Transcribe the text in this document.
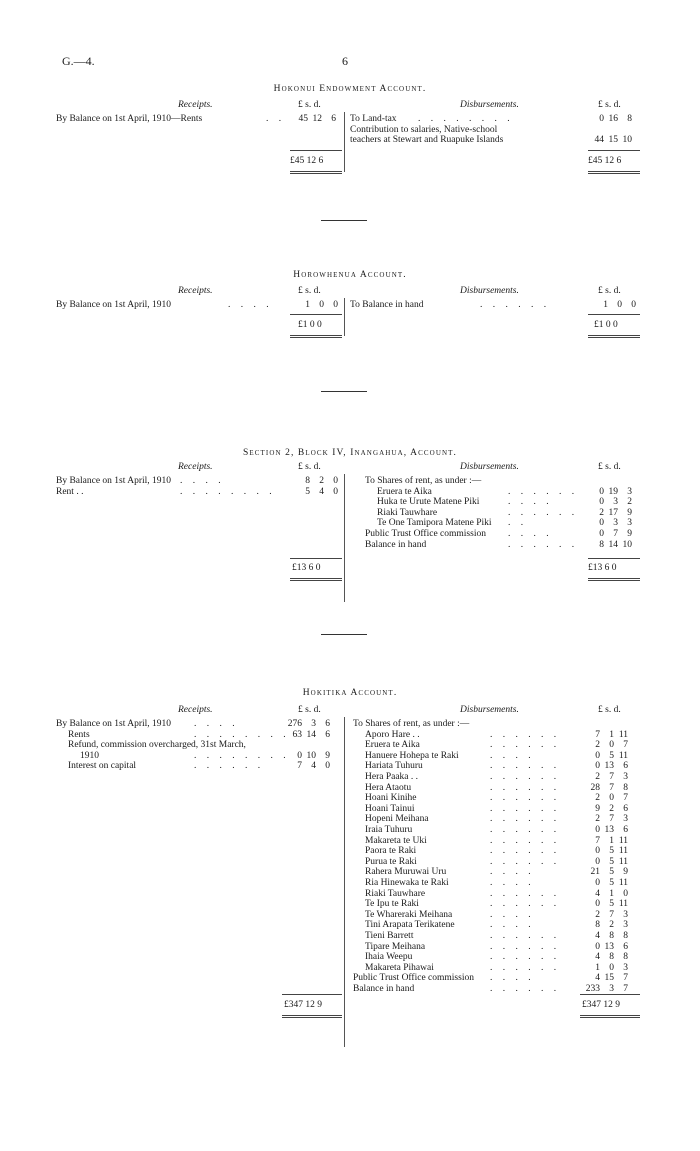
G.—4.	6
Hokonui Endowment Account.
Receipts.	£ s. d.	Disbursements.	£ s. d.
By Balance on 1st April, 1910—Rents	. .	45 12 6 To Land-tax . . . . . . . .	0 16 8
Contribution to salaries, Native-school
teachers at Stewart and Ruapuke Islands	44 15 10
£45 12 6	£45 12 6
Horowhenua Account.
Receipts.	£ s. d.	Disbursements.	£ s. d.
By Balance on 1st April, 1910	. . . .	1 0 0 To Balance in hand	. . . . . .	1 0 0
£1 0 0	£1 0 0
Section 2, Block IV, Inangahua, Account.
Receipts.	£ s. d.	Disbursements.	£ s. d.
By Balance on 1st April, 1910 . . . .	8 2 0
Rent . .	. . . . . . . .	5 4 0
To Shares of rent, as under :—
Eruera te Aika	. . . . . .	0 19 3
Huka te Urute Matene Piki	. . . .	0 3 2
Riaki Tauwhare	. . . . . .	2 17 9
Te One Tamipora Matene Piki . .	0 3 3
Public Trust Office commission . . . .	0 7 9
Balance in hand	. . . . . .	8 14 10
£13 6 0	£13 6 0
Hokitika Account.
Receipts.	£ s. d.	Disbursements.	£ s. d.
By Balance on 1st April, 1910 . . . .	276 3 6
Rents	. . . . . . . . 63 14 6
Refund, commission overcharged, 31st March,
1910	. . . . . . . . 0 10 9
Interest on capital	. . . . . .	7 4 0
To Shares of rent, as under :—
Aporo Hare . .	. . . . . .	7 1 11
Eruera te Aika	. . . . . .	2 0 7
Hanuere Hohepa te Raki	. . . .	0 5 11
Hariata Tuhuru	. . . . . .	0 13 6
Hera Paaka . .	. . . . . .	2 7 3
Hera Ataotu	. . . . . .	28 7 8
Hoani Kinihe	. . . . . .	2 0 7
Hoani Tainui	. . . . . .	9 2 6
Hopeni Meihana	. . . . . .	2 7 3
Iraia Tuhuru	. . . . . .	0 13 6
Makareta te Uki	. . . . . .	7 1 11
Paora te Raki	. . . . . .	0 5 11
Purua te Raki	. . . . . .	0 5 11
Rahera Muruwai Uru	. . . .	21 5 9
Ria Hinewaka te Raki	. . . .	0 5 11
Riaki Tauwhare	. . . . . .	4 1 0
Te Ipu te Raki	. . . . . .	0 5 11
Te Whareraki Meihana	. . . .	2 7 3
Tini Arapata Terikatene	. . . .	8 2 3
Tieni Barrett	. . . . . .	4 8 8
Tipare Meihana	. . . . . .	0 13 6
Ihaia Weepu	. . . . . .	4 8 8
Makareta Pihawai	. . . . . .	1 0 3
Public Trust Office commission . . . .	4 15 7
Balance in hand	. . . . . .	233 3 7
£347 12 9	£347 12 9
